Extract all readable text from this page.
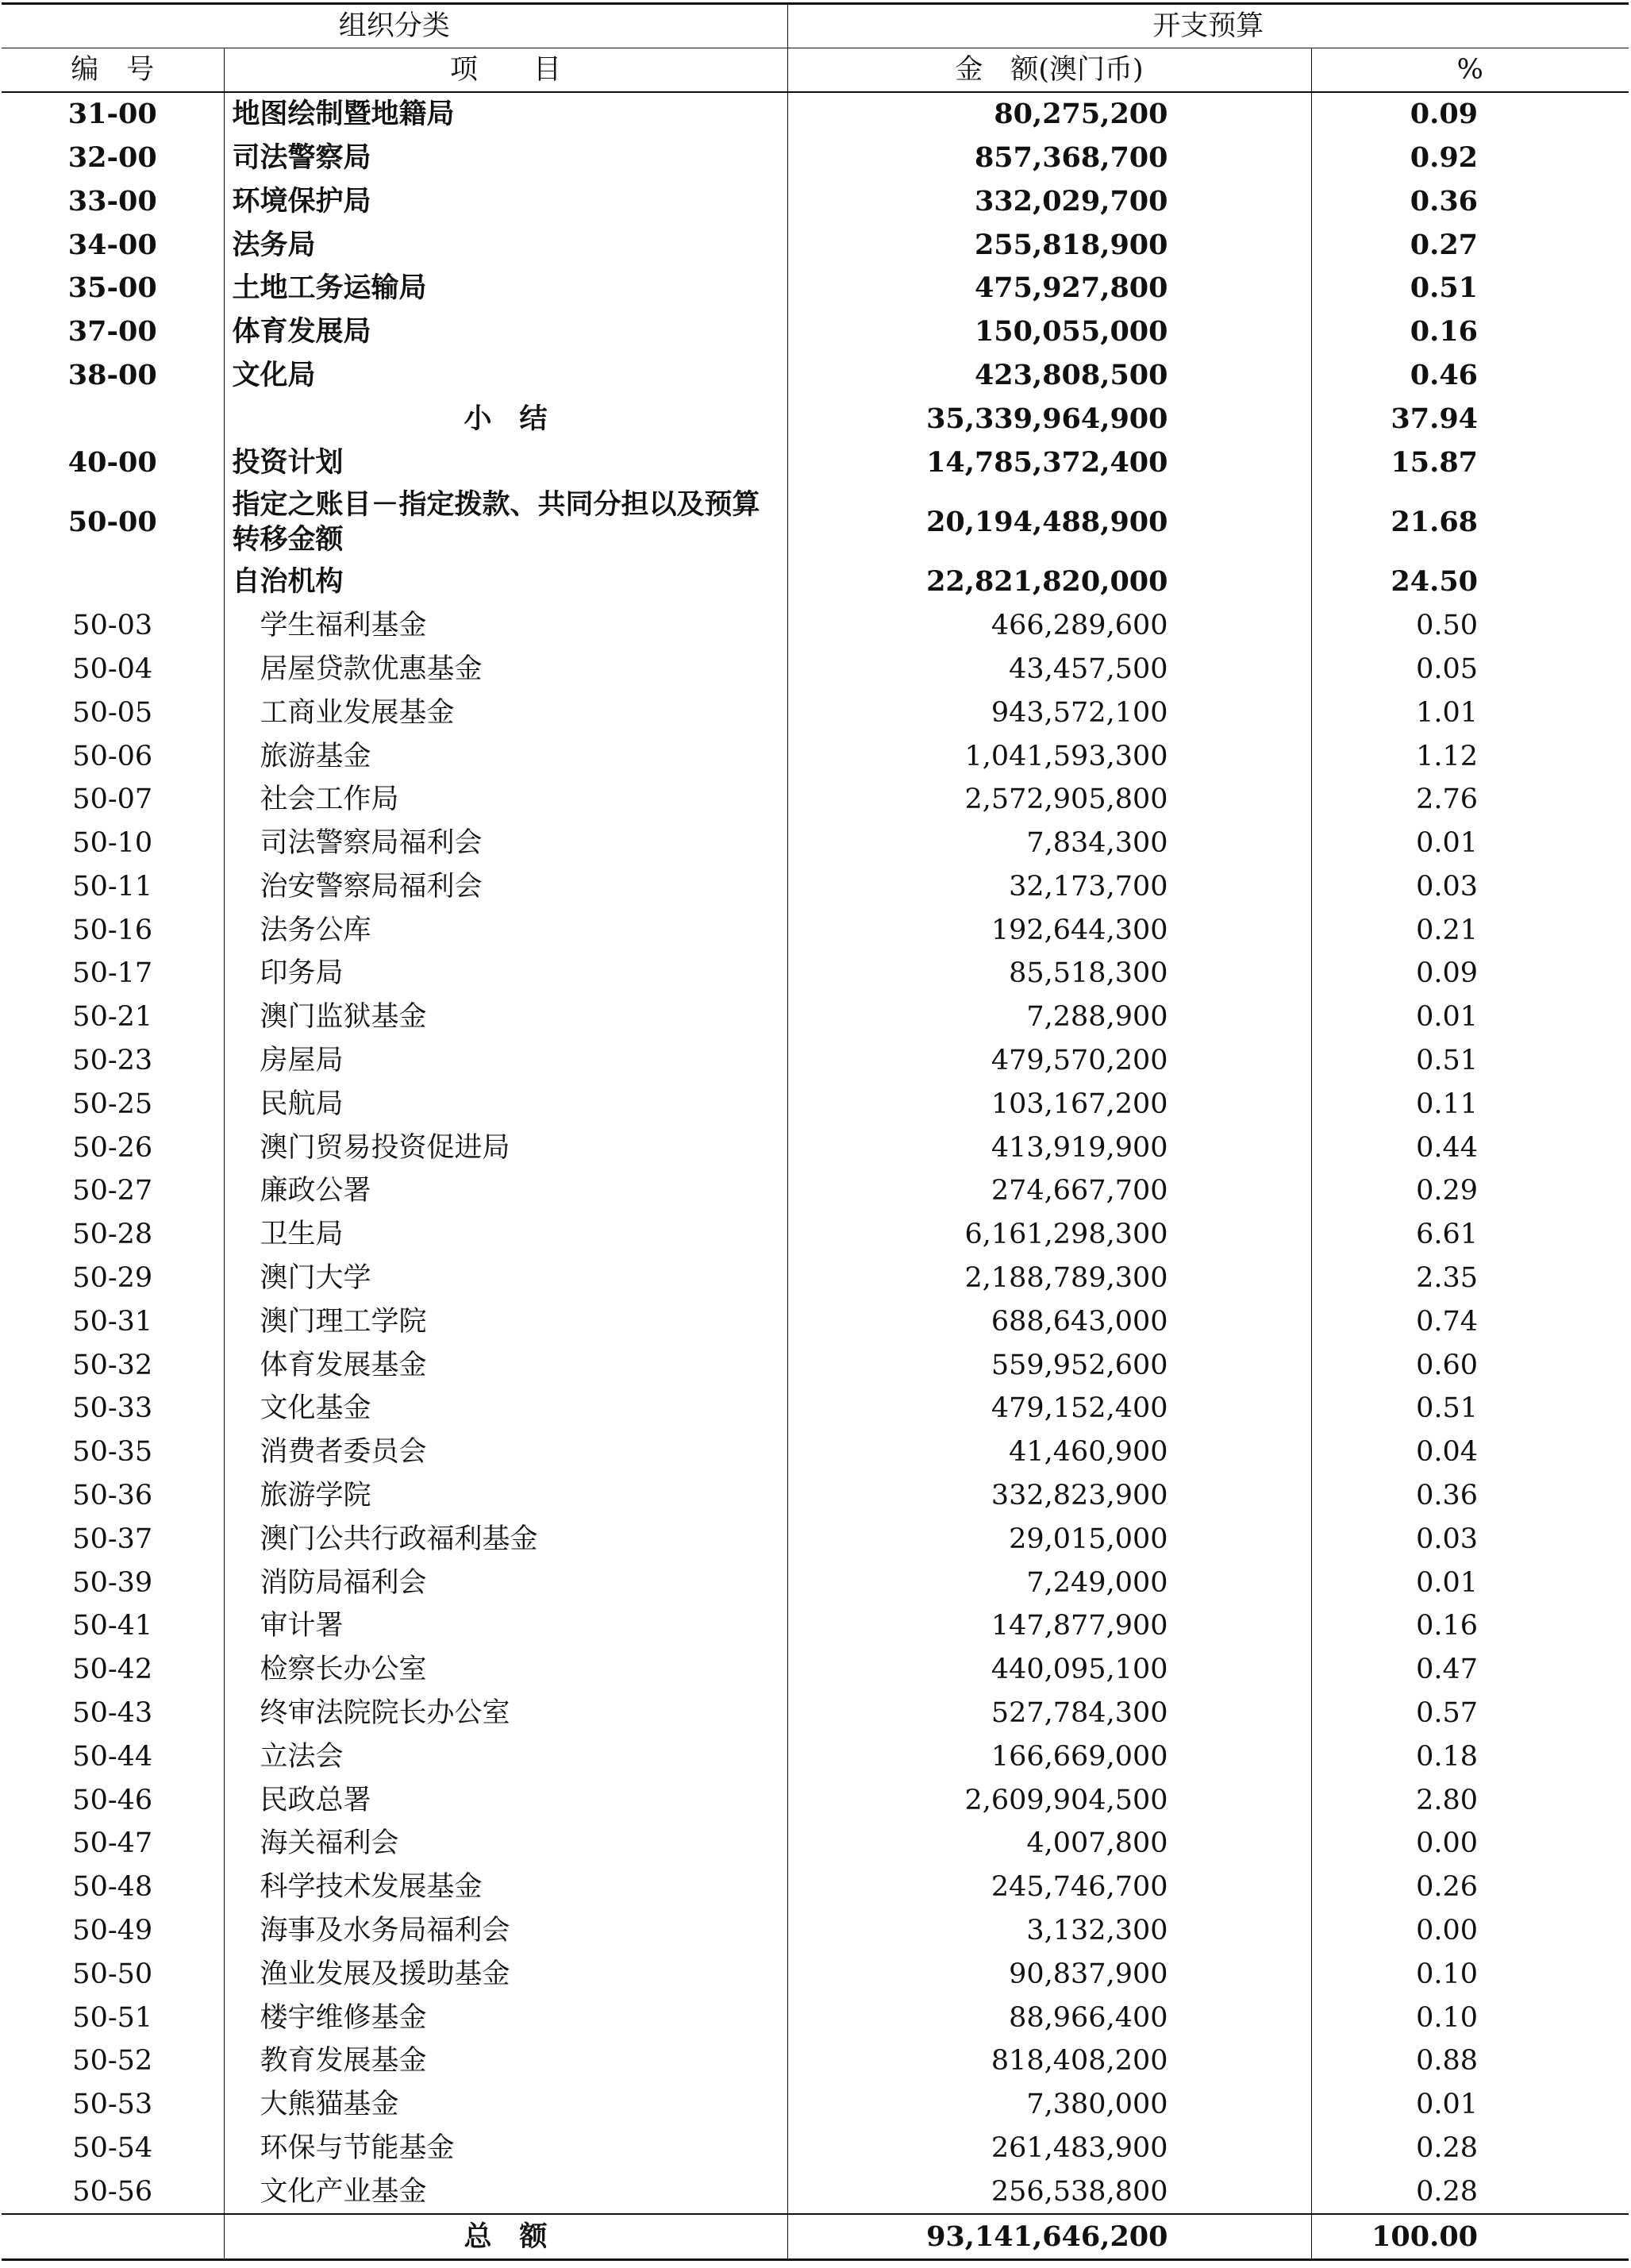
组织分类		开支预算	
编　号	项　　目	金　额(澳门币)	%
31-00	地图绘制暨地籍局	80,275,200	0.09
32-00	司法警察局	857,368,700	0.92
33-00	环境保护局	332,029,700	0.36
34-00	法务局	255,818,900	0.27
35-00	土地工务运输局	475,927,800	0.51
37-00	体育发展局	150,055,000	0.16
38-00	文化局	423,808,500	0.46
	小　结	35,339,964,900	37.94
40-00	投资计划	14,785,372,400	15.87
50-00	指定之账目－指定拨款、共同分担以及预算转移金额	20,194,488,900	21.68
	自治机构	22,821,820,000	24.50
50-03	学生福利基金	466,289,600	0.50
50-04	居屋贷款优惠基金	43,457,500	0.05
50-05	工商业发展基金	943,572,100	1.01
50-06	旅游基金	1,041,593,300	1.12
50-07	社会工作局	2,572,905,800	2.76
50-10	司法警察局福利会	7,834,300	0.01
50-11	治安警察局福利会	32,173,700	0.03
50-16	法务公库	192,644,300	0.21
50-17	印务局	85,518,300	0.09
50-21	澳门监狱基金	7,288,900	0.01
50-23	房屋局	479,570,200	0.51
50-25	民航局	103,167,200	0.11
50-26	澳门贸易投资促进局	413,919,900	0.44
50-27	廉政公署	274,667,700	0.29
50-28	卫生局	6,161,298,300	6.61
50-29	澳门大学	2,188,789,300	2.35
50-31	澳门理工学院	688,643,000	0.74
50-32	体育发展基金	559,952,600	0.60
50-33	文化基金	479,152,400	0.51
50-35	消费者委员会	41,460,900	0.04
50-36	旅游学院	332,823,900	0.36
50-37	澳门公共行政福利基金	29,015,000	0.03
50-39	消防局福利会	7,249,000	0.01
50-41	审计署	147,877,900	0.16
50-42	检察长办公室	440,095,100	0.47
50-43	终审法院院长办公室	527,784,300	0.57
50-44	立法会	166,669,000	0.18
50-46	民政总署	2,609,904,500	2.80
50-47	海关福利会	4,007,800	0.00
50-48	科学技术发展基金	245,746,700	0.26
50-49	海事及水务局福利会	3,132,300	0.00
50-50	渔业发展及援助基金	90,837,900	0.10
50-51	楼宇维修基金	88,966,400	0.10
50-52	教育发展基金	818,408,200	0.88
50-53	大熊猫基金	7,380,000	0.01
50-54	环保与节能基金	261,483,900	0.28
50-56	文化产业基金	256,538,800	0.28
	总　额	93,141,646,200	100.00
